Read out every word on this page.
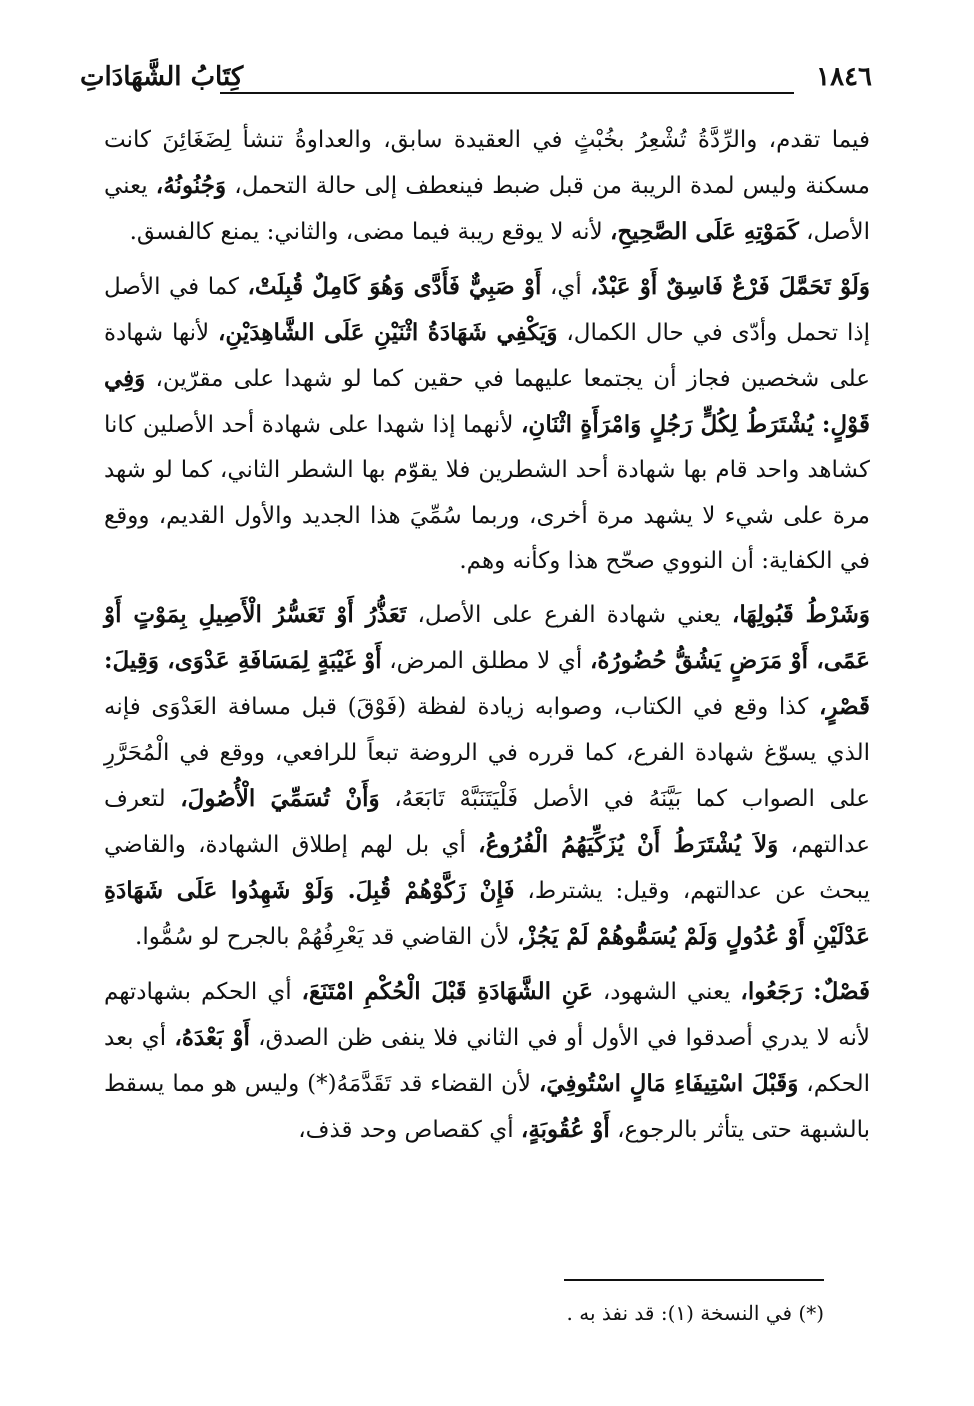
١٨٤٦
كِتَابُ الشَّهَادَاتِ

فيما تقدم، والرِّدَّةُ تُشْعِرُ بخُبْثٍ في العقيدة سابق، والعداوةُ تنشأ لِضَغَائِنَ كانت مسكنة وليس لمدة الريبة من قبل ضبط فينعطف إلى حالة التحمل، وَجُنُونُهُ، يعني الأصل، كَمَوْتِهِ عَلَى الصَّحِيحِ، لأنه لا يوقع ريبة فيما مضى، والثاني: يمنع كالفسق.

وَلَوْ تَحَمَّلَ فَرْعٌ فَاسِقٌ أَوْ عَبْدٌ، أي، أَوْ صَبِيٌّ فَأَدَّى وَهُوَ كَامِلٌ قُبِلَتْ، كما في الأصل إذا تحمل وأدّى في حال الكمال، وَيَكْفِي شَهَادَةُ اثْنَيْنِ عَلَى الشَّاهِدَيْنِ، لأنها شهادة على شخصين فجاز أن يجتمعا عليهما في حقين كما لو شهدا على مقرّين، وَفِي قَوْلٍ: يُشْتَرَطُ لِكُلٍّ رَجُلٍ وَامْرَأَةٍ اثْنَانِ، لأنهما إذا شهدا على شهادة أحد الأصلين كانا كشاهد واحد قام بها شهادة أحد الشطرين فلا يقوّم بها الشطر الثاني، كما لو شهد مرة على شيء لا يشهد مرة أخرى، وربما سُمِّيَ هذا الجديد والأول القديم، ووقع في الكفاية: أن النووي صحّح هذا وكأنه وهم.

وَشَرْطُ قَبُولِهَا، يعني شهادة الفرع على الأصل، تَعَذُّرُ أَوْ تَعَسُّرُ الْأَصِيلِ بِمَوْتٍ أَوْ عَمًى، أَوْ مَرَضٍ يَشُقُّ حُضُورُهُ، أي لا مطلق المرض، أَوْ غَيْبَةٍ لِمَسَافَةِ عَدْوَى، وَقِيلَ: قَصْرٍ، كذا وقع في الكتاب، وصوابه زيادة لفظة (فَوْقَ) قبل مسافة العَدْوَى فإنه الذي يسوّغ شهادة الفرع، كما قرره في الروضة تبعاً للرافعي، ووقع في الْمُحَرَّرِ على الصواب كما بَيَّنَهُ في الأصل فَلْيَتَنَبَّهْ تَابَعَهُ، وَأَنْ تُسَمِّيَ الْأُصُولَ، لتعرف عدالتهم، وَلاَ يُشْتَرَطُ أَنْ يُزَكِّيَهُمُ الْفُرُوعُ، أي بل لهم إطلاق الشهادة، والقاضي يبحث عن عدالتهم، وقيل: يشترط، فَإِنْ زَكَّوْهُمْ قُبِلَ. وَلَوْ شَهِدُوا عَلَى شَهَادَةِ عَدْلَيْنِ أَوْ عُدُولٍ وَلَمْ يُسَمُّوهُمْ لَمْ يَجُزْ، لأن القاضي قد يَعْرِفُهُمْ بالجرح لو سُمُّوا.

فَصْلٌ: رَجَعُوا، يعني الشهود، عَنِ الشَّهَادَةِ قَبْلَ الْحُكْمِ امْتَنَعَ، أي الحكم بشهادتهم لأنه لا يدري أصدقوا في الأول أو في الثاني فلا ينفى ظن الصدق، أَوْ بَعْدَهُ، أي بعد الحكم، وَقَبْلَ اسْتِيفَاءِ مَالٍ اسْتُوفِيَ، لأن القضاء قد تَقَدَّمَهُ(*) وليس هو مما يسقط بالشبهة حتى يتأثر بالرجوع، أَوْ عُقُوبَةٍ، أي كقصاص وحد قذف،

(*) في النسخة (١): قد نفذ به .
